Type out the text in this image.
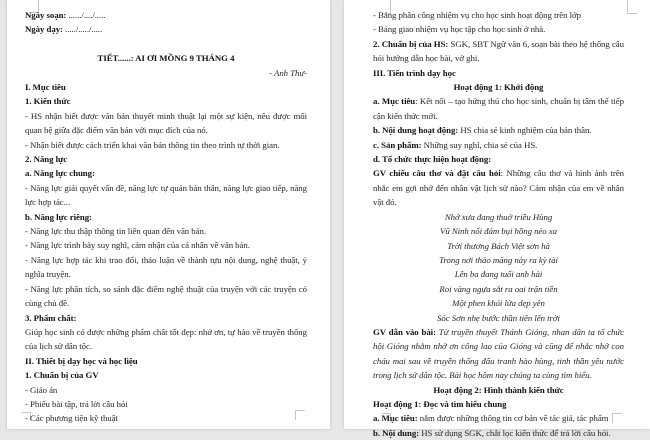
Ngày soạn: ....../..../.....

Ngày dạy: ...../...../.....

TIẾT......: AI ƠI MỒNG 9 THÁNG 4

- Anh Thư-

I. Mục tiêu

1. Kiến thức

- HS nhận biết được văn bản thuyết minh thuật lại một sự kiện, nêu được mối quan hệ giữa đặc điểm văn bản với mục đích của nó.

- Nhận biết được cách triển khai văn bản thông tin theo trình tự thời gian.

2. Năng lực

a. Năng lực chung:

- Năng lực giải quyết vấn đề, năng lực tự quản bản thân, năng lực giao tiếp, năng lực hợp tác...

b. Năng lực riêng:

- Năng lực thu thập thông tin liên quan đến văn bản.

- Năng lực trình bày suy nghĩ, cảm nhận của cá nhân về văn bản.

- Năng lực hợp tác khi trao đổi, thảo luận về thành tựu nội dung, nghệ thuật, ý nghĩa truyện.

- Năng lực phân tích, so sánh đặc điểm nghệ thuật của truyện với các truyện có cùng chủ đề.

3. Phẩm chất:

Giúp học sinh có được những phẩm chất tốt đẹp: nhớ ơn, tự hào về truyền thống của lịch sử dân tộc.

II. Thiết bị dạy học và học liệu

1. Chuẩn bị của GV

- Giáo án

- Phiếu bài tập, trả lời câu hỏi

- Các phương tiện kỹ thuật

- Bảng phân công nhiệm vụ cho học sinh hoạt động trên lớp

- Bảng giao nhiệm vụ học tập cho học sinh ở nhà.

2. Chuẩn bị của HS: SGK, SBT Ngữ văn 6, soạn bài theo hệ thống câu hỏi hướng dẫn học bài, vở ghi.

III. Tiến trình dạy học

Hoạt động 1: Khởi động

a. Mục tiêu: Kết nối – tạo hứng thú cho học sinh, chuẩn bị tâm thế tiếp cận kiến thức mới.

b. Nội dung hoạt động: HS chia sẻ kinh nghiệm của bản thân.

c. Sản phẩm: Những suy nghĩ, chia sẻ của HS.

d. Tổ chức thực hiện hoạt động:

GV chiếu câu thơ và đặt câu hỏi: Những câu thơ và hình ảnh trên nhắc em gợi nhớ đến nhân vật lịch sử nào? Cảm nhận của em về nhân vật đó.

Nhớ xưa đang thuở triều Hùng

Vũ Ninh nổi đám bụi hồng nẻo xa

Trời thương Bách Việt sơn hà

Trong nơi thảo mãng nảy ra kỳ tài

Lên ba đang tuổi anh hài

Roi vàng ngựa sắt ra oai trận tiền

Một phen khói lửa dẹp yên

Sóc Sơn nhẹ bước thần tiên lên trời

GV dẫn vào bài: Từ truyền thuyết Thánh Gióng, nhan dân ta tổ chức hội Gióng nhằm nhớ ơn công lao của Gióng và cũng để nhắc nhở con cháu mai sau về truyền thống đấu tranh hào hùng, tinh thần yêu nước trong lịch sử dân tộc. Bài học hôm nay chúng ta cùng tìm hiểu.

Hoạt động 2: Hình thành kiến thức

Hoạt động 1: Đọc và tìm hiểu chung

a. Mục tiêu: nắm được những thông tin cơ bản về tác giả, tác phẩm

b. Nội dung: HS sử dụng SGK, chắt lọc kiến thức để trả lời câu hỏi.
